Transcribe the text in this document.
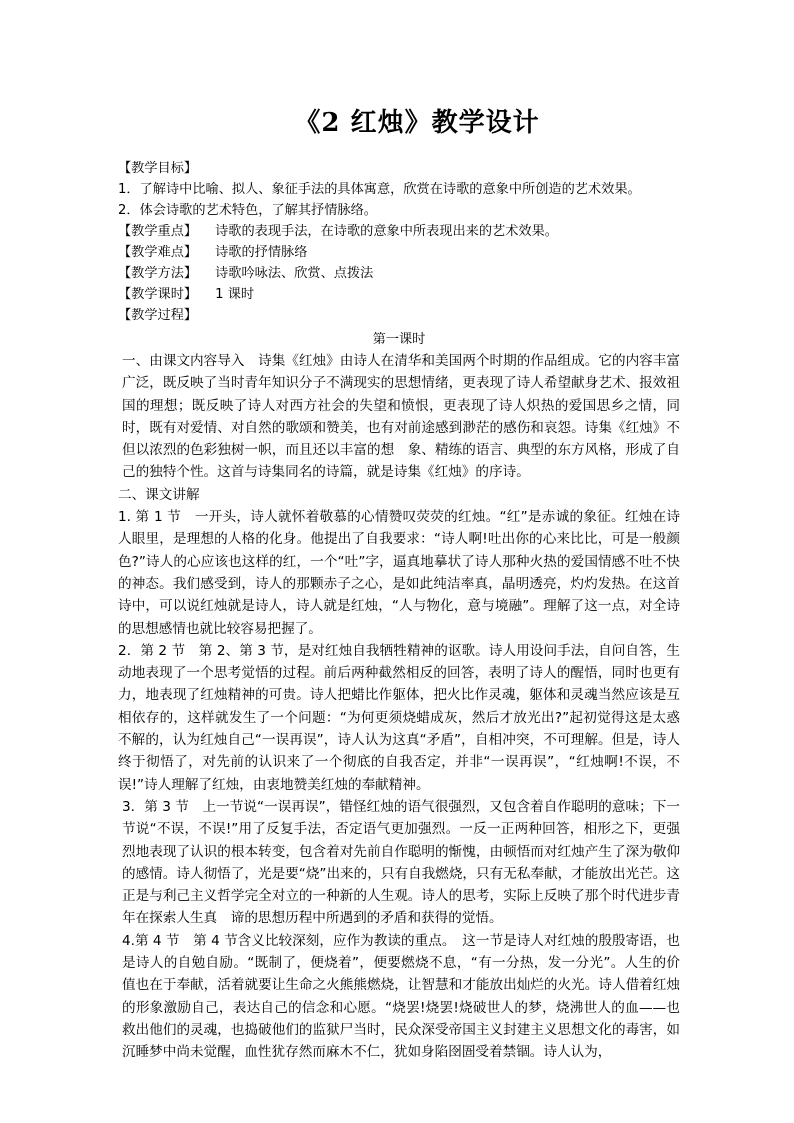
《2 红烛》教学设计
【教学目标】
1．了解诗中比喻、拟人、象征手法的具体寓意，欣赏在诗歌的意象中所创造的艺术效果。
2．体会诗歌的艺术特色，了解其抒情脉络。
【教学重点】 诗歌的表现手法，在诗歌的意象中所表现出来的艺术效果。
【教学难点】 诗歌的抒情脉络
【教学方法】 诗歌吟咏法、欣赏、点拨法
【教学课时】 1 课时
【教学过程】
第一课时

一、由课文内容导入　诗集《红烛》由诗人在清华和美国两个时期的作品组成。它的内容丰富广泛，既反映了当时青年知识分子不满现实的思想情绪，更表现了诗人希望献身艺术、报效祖国的理想；既反映了诗人对西方社会的失望和愤恨，更表现了诗人炽热的爱国思乡之情，同时，既有对爱情、对自然的歌颂和赞美，也有对前途感到渺茫的感伤和哀怨。诗集《红烛》不但以浓烈的色彩独树一帜，而且还以丰富的想　象、精练的语言、典型的东方风格，形成了自己的独特个性。这首与诗集同名的诗篇，就是诗集《红烛》的序诗。

二、课文讲解

1. 第 1 节　一开头，诗人就怀着敬慕的心情赞叹荧荧的红烛。“红”是赤诚的象征。红烛在诗人眼里，是理想的人格的化身。他提出了自我要求：“诗人啊!吐出你的心来比比，可是一般颜色?”诗人的心应该也这样的红，一个“吐”字，逼真地摹状了诗人那种火热的爱国情感不吐不快的神态。我们感受到，诗人的那颗赤子之心，是如此纯洁率真，晶明透亮，灼灼发热。在这首诗中，可以说红烛就是诗人，诗人就是红烛，“人与物化，意与境融”。理解了这一点，对全诗的思想感情也就比较容易把握了。

2．第 2 节　第 2、第 3 节，是对红烛自我牺牲精神的讴歌。诗人用设问手法，自问自答，生动地表现了一个思考觉悟的过程。前后两种截然相反的回答，表明了诗人的醒悟，同时也更有力，地表现了红烛精神的可贵。诗人把蜡比作躯体，把火比作灵魂，躯体和灵魂当然应该是互相依存的，这样就发生了一个问题：“为何更须烧蜡成灰，然后才放光出?”起初觉得这是太惑不解的，认为红烛自己“一误再误”，诗人认为这真“矛盾”，自相冲突，不可理解。但是，诗人终于彻悟了，对先前的认识来了一个彻底的自我否定，并非“一误再误”，“红烛啊!不误，不误!”诗人理解了红烛，由衷地赞美红烛的奉献精神。

3．第 3 节　上一节说“一误再误”，错怪红烛的语气很强烈，又包含着自作聪明的意味；下一节说“不误，不误!”用了反复手法，否定语气更加强烈。一反一正两种回答，相形之下，更强烈地表现了认识的根本转变，包含着对先前自作聪明的惭愧，由顿悟而对红烛产生了深为敬仰的感情。诗人彻悟了，光是要“烧”出来的，只有自我燃烧，只有无私奉献，才能放出光芒。这正是与利己主义哲学完全对立的一种新的人生观。诗人的思考，实际上反映了那个时代进步青年在探索人生真　谛的思想历程中所遇到的矛盾和获得的觉悟。

4.第 4 节　第 4 节含义比较深刻，应作为教读的重点。　这一节是诗人对红烛的殷殷寄语，也是诗人的自勉自励。“既制了，便烧着”，便要燃烧不息，“有一分热，发一分光”。人生的价值也在于奉献，活着就要让生命之火熊熊燃烧，让智慧和才能放出灿烂的火光。诗人借着红烛的形象激励自己，表达自己的信念和心愿。“烧罢!烧罢!烧破世人的梦，烧沸世人的血——也救出他们的灵魂，也捣破他们的监狱尸当时，民众深受帝国主义封建主义思想文化的毒害，如沉睡梦中尚未觉醒，血性犹存然而麻木不仁，犹如身陷囹圄受着禁锢。诗人认为，
